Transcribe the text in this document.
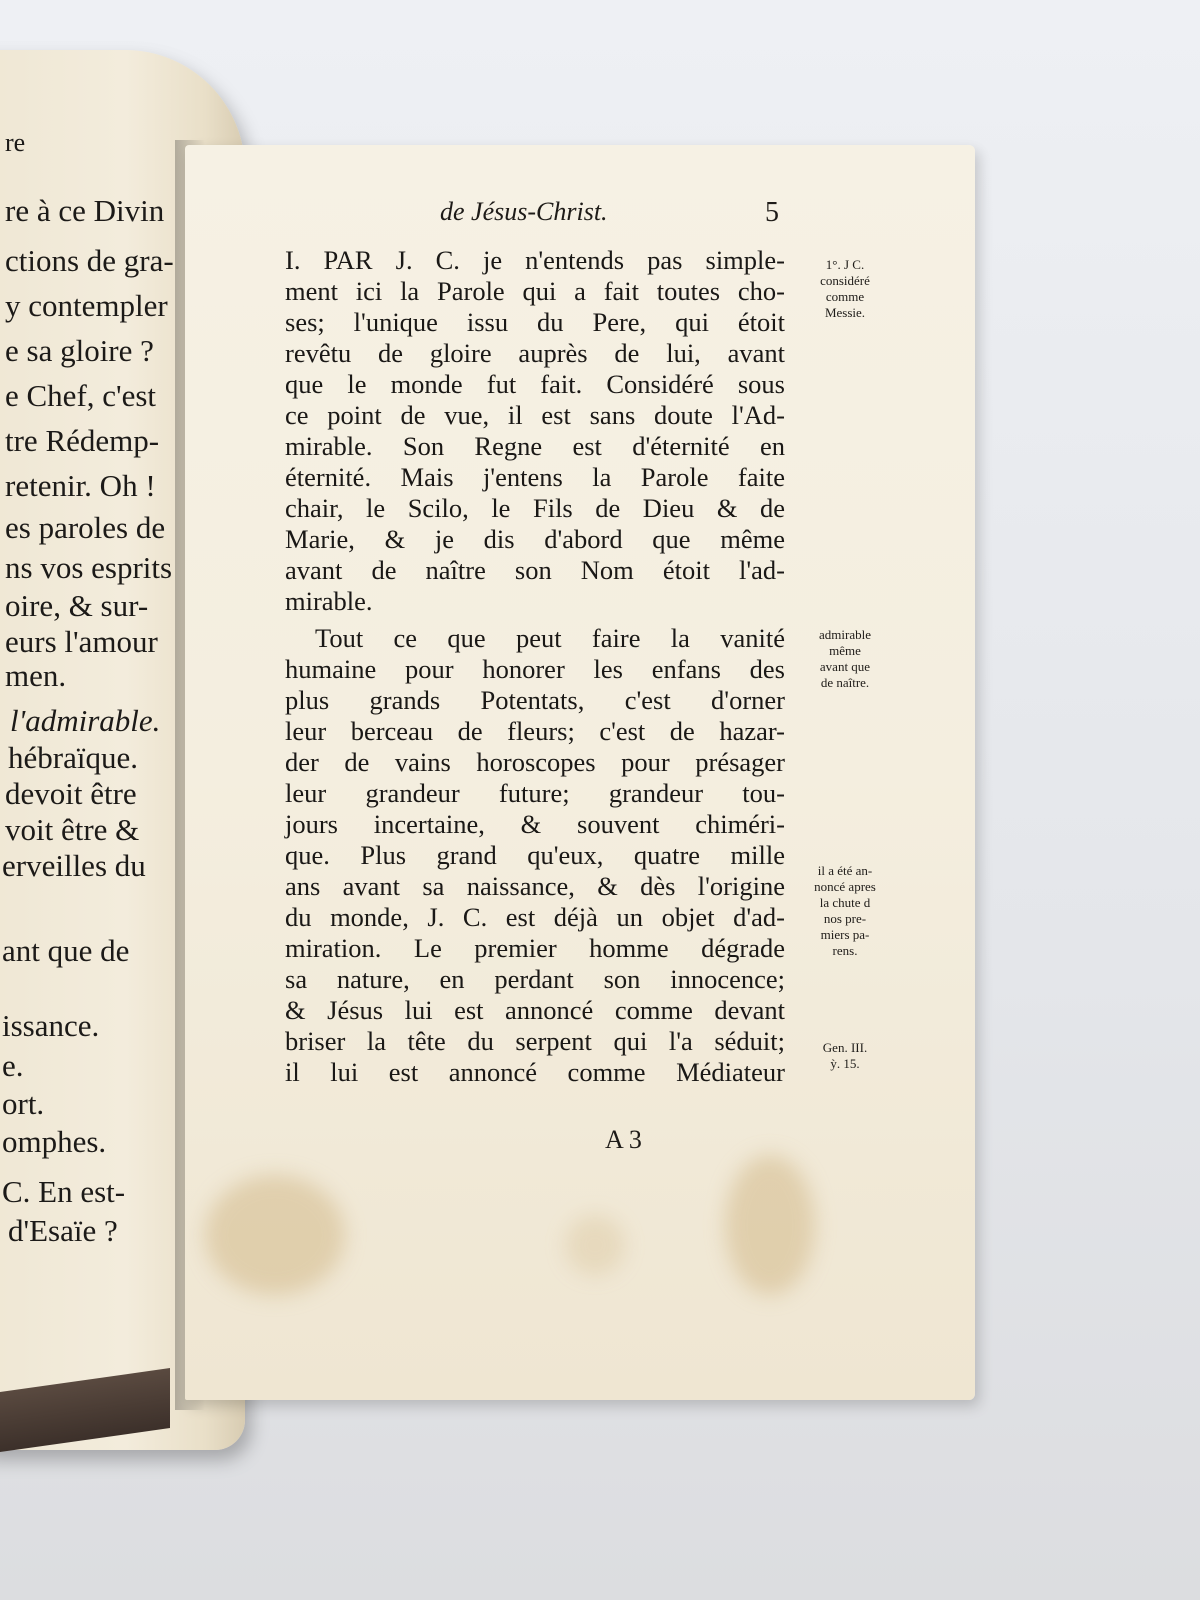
re
re à ce Divin
ctions de gra-
y contempler
e sa gloire ?
e Chef, c'est
tre Rédemp-
retenir. Oh !
es paroles de
ns vos esprits
oire, & sur-
eurs l'amour
men.
l'admirable.
hébraïque.
devoit être
voit être &
erveilles du
ant que de
issance.
e.
ort.
omphes.
C. En est-
d'Esaïe ?
de Jésus-Christ.	5
I. PAR J. C. je n'entends pas simple-
ment ici la Parole qui a fait toutes cho-
ses; l'unique issu du Pere, qui étoit
revêtu de gloire auprès de lui, avant
que le monde fut fait. Considéré sous
ce point de vue, il est sans doute l'Ad-
mirable. Son Regne est d'éternité en
éternité. Mais j'entens la Parole faite
chair, le Scilo, le Fils de Dieu & de
Marie, & je dis d'abord que même
avant de naître son Nom étoit l'ad-
mirable.
Tout ce que peut faire la vanité
humaine pour honorer les enfans des
plus grands Potentats, c'est d'orner
leur berceau de fleurs; c'est de hazar-
der de vains horoscopes pour présager
leur grandeur future; grandeur tou-
jours incertaine, & souvent chiméri-
que. Plus grand qu'eux, quatre mille
ans avant sa naissance, & dès l'origine
du monde, J. C. est déjà un objet d'ad-
miration. Le premier homme dégrade
sa nature, en perdant son innocence;
& Jésus lui est annoncé comme devant
briser la tête du serpent qui l'a séduit;
il lui est annoncé comme Médiateur
1°. J C.
considéré
comme
Messie.
admirable
même
avant que
de naître.
il a été an-
noncé apres
la chute d
nos pre-
miers pa-
rens.
Gen. III.
ỳ. 15.
A 3
